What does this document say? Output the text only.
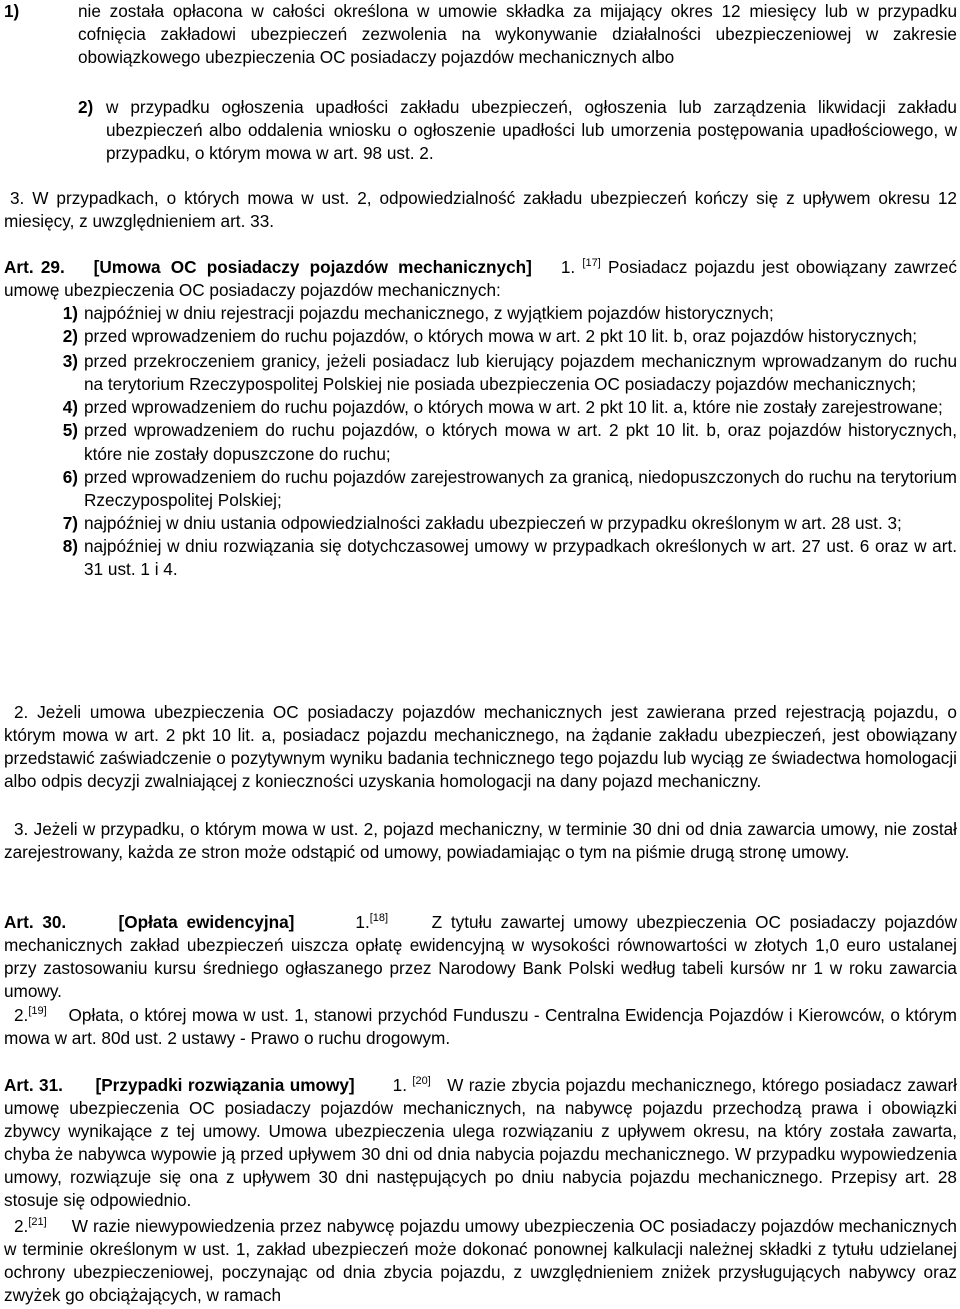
1)	nie została opłacona w całości określona w umowie składka za mijający okres 12 miesięcy lub w przypadku cofnięcia zakładowi ubezpieczeń zezwolenia na wykonywanie działalności ubezpieczeniowej w zakresie obowiązkowego ubezpieczenia OC posiadaczy pojazdów mechanicznych albo
2) w przypadku ogłoszenia upadłości zakładu ubezpieczeń, ogłoszenia lub zarządzenia likwidacji zakładu ubezpieczeń albo oddalenia wniosku o ogłoszenie upadłości lub umorzenia postępowania upadłościowego, w przypadku, o którym mowa w art. 98 ust. 2.

3. W przypadkach, o których mowa w ust. 2, odpowiedzialność zakładu ubezpieczeń kończy się z upływem okresu 12 miesięcy, z uwzględnieniem art. 33.

Art. 29. [Umowa OC posiadaczy pojazdów mechanicznych] 1. [17] Posiadacz pojazdu jest obowiązany zawrzeć umowę ubezpieczenia OC posiadaczy pojazdów mechanicznych:

1) najpóźniej w dniu rejestracji pojazdu mechanicznego, z wyjątkiem pojazdów historycznych;
2) przed wprowadzeniem do ruchu pojazdów, o których mowa w art. 2 pkt 10 lit. b, oraz pojazdów historycznych;
3) przed przekroczeniem granicy, jeżeli posiadacz lub kierujący pojazdem mechanicznym wprowadzanym do ruchu na terytorium Rzeczypospolitej Polskiej nie posiada ubezpieczenia OC posiadaczy pojazdów mechanicznych;
4) przed wprowadzeniem do ruchu pojazdów, o których mowa w art. 2 pkt 10 lit. a, które nie zostały zarejestrowane;
5) przed wprowadzeniem do ruchu pojazdów, o których mowa w art. 2 pkt 10 lit. b, oraz pojazdów historycznych, które nie zostały dopuszczone do ruchu;
6) przed wprowadzeniem do ruchu pojazdów zarejestrowanych za granicą, niedopuszczonych do ruchu na terytorium Rzeczypospolitej Polskiej;
7) najpóźniej w dniu ustania odpowiedzialności zakładu ubezpieczeń w przypadku określonym w art. 28 ust. 3;
8) najpóźniej w dniu rozwiązania się dotychczasowej umowy w przypadkach określonych w art. 27 ust. 6 oraz w art. 31 ust. 1 i 4.

2. Jeżeli umowa ubezpieczenia OC posiadaczy pojazdów mechanicznych jest zawierana przed rejestracją pojazdu, o którym mowa w art. 2 pkt 10 lit. a, posiadacz pojazdu mechanicznego, na żądanie zakładu ubezpieczeń, jest obowiązany przedstawić zaświadczenie o pozytywnym wyniku badania technicznego tego pojazdu lub wyciąg ze świadectwa homologacji albo odpis decyzji zwalniającej z konieczności uzyskania homologacji na dany pojazd mechaniczny.

3. Jeżeli w przypadku, o którym mowa w ust. 2, pojazd mechaniczny, w terminie 30 dni od dnia zawarcia umowy, nie został zarejestrowany, każda ze stron może odstąpić od umowy, powiadamiając o tym na piśmie drugą stronę umowy.

Art. 30.	[Opłata ewidencyjna]	1.[18]	Z tytułu zawartej umowy ubezpieczenia OC posiadaczy pojazdów mechanicznych zakład ubezpieczeń uiszcza opłatę ewidencyjną w wysokości równowartości w złotych 1,0 euro ustalanej przy zastosowaniu kursu średniego ogłaszanego przez Narodowy Bank Polski według tabeli kursów nr 1 w roku zawarcia umowy.

2.[19] Opłata, o której mowa w ust. 1, stanowi przychód Funduszu - Centralna Ewidencja Pojazdów i Kierowców, o którym mowa w art. 80d ust. 2 ustawy - Prawo o ruchu drogowym.

Art. 31. [Przypadki rozwiązania umowy] 1. [20] W razie zbycia pojazdu mechanicznego, którego posiadacz zawarł umowę ubezpieczenia OC posiadaczy pojazdów mechanicznych, na nabywcę pojazdu przechodzą prawa i obowiązki zbywcy wynikające z tej umowy. Umowa ubezpieczenia ulega rozwiązaniu z upływem okresu, na który została zawarta, chyba że nabywca wypowie ją przed upływem 30 dni od dnia nabycia pojazdu mechanicznego. W przypadku wypowiedzenia umowy, rozwiązuje się ona z upływem 30 dni następujących po dniu nabycia pojazdu mechanicznego. Przepisy art. 28 stosuje się odpowiednio.

2.[21] W razie niewypowiedzenia przez nabywcę pojazdu umowy ubezpieczenia OC posiadaczy pojazdów mechanicznych w terminie określonym w ust. 1, zakład ubezpieczeń może dokonać ponownej kalkulacji należnej składki z tytułu udzielanej ochrony ubezpieczeniowej, poczynając od dnia zbycia pojazdu, z uwzględnieniem zniżek przysługujących nabywcy oraz zwyżek go obciążających, w ramach
